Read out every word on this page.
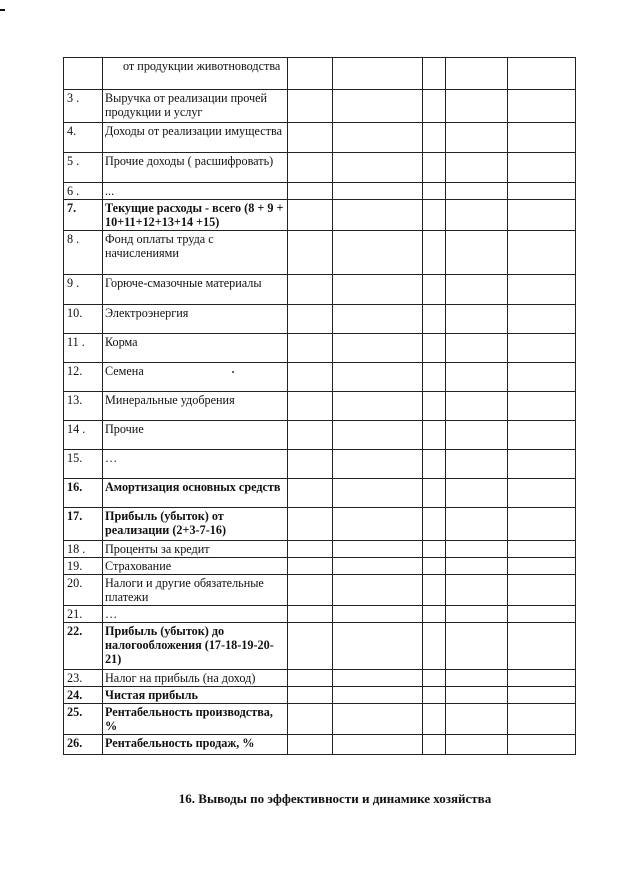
	от продукции животноводства					
3 .	Выручка от реализации прочей продукции и услуг					
4.	Доходы от реализации имущества					
5 .	Прочие доходы ( расшифровать)					
6 .	...					
7.	Текущие расходы - всего (8 + 9 + 10+11+12+13+14 +15)					
8 .	Фонд оплаты труда с начислениями					
9 .	Горюче-смазочные материалы					
10.	Электроэнергия					
11 .	Корма					
12.	Семена					
13.	Минеральные удобрения					
14 .	Прочие					
15.	…					
16.	Амортизация основных средств					
17.	Прибыль (убыток) от реализации (2+3-7-16)					
18 .	Проценты за кредит					
19.	Страхование					
20.	Налоги и другие обязательные платежи					
21.	…					
22.	Прибыль (убыток) до налогообложения (17-18-19-20-21)					
23.	Налог на прибыль (на доход)					
24.	Чистая прибыль					
25.	Рентабельность производства, %					
26.	Рентабельность продаж, %					
16. Выводы по эффективности и динамике хозяйства
